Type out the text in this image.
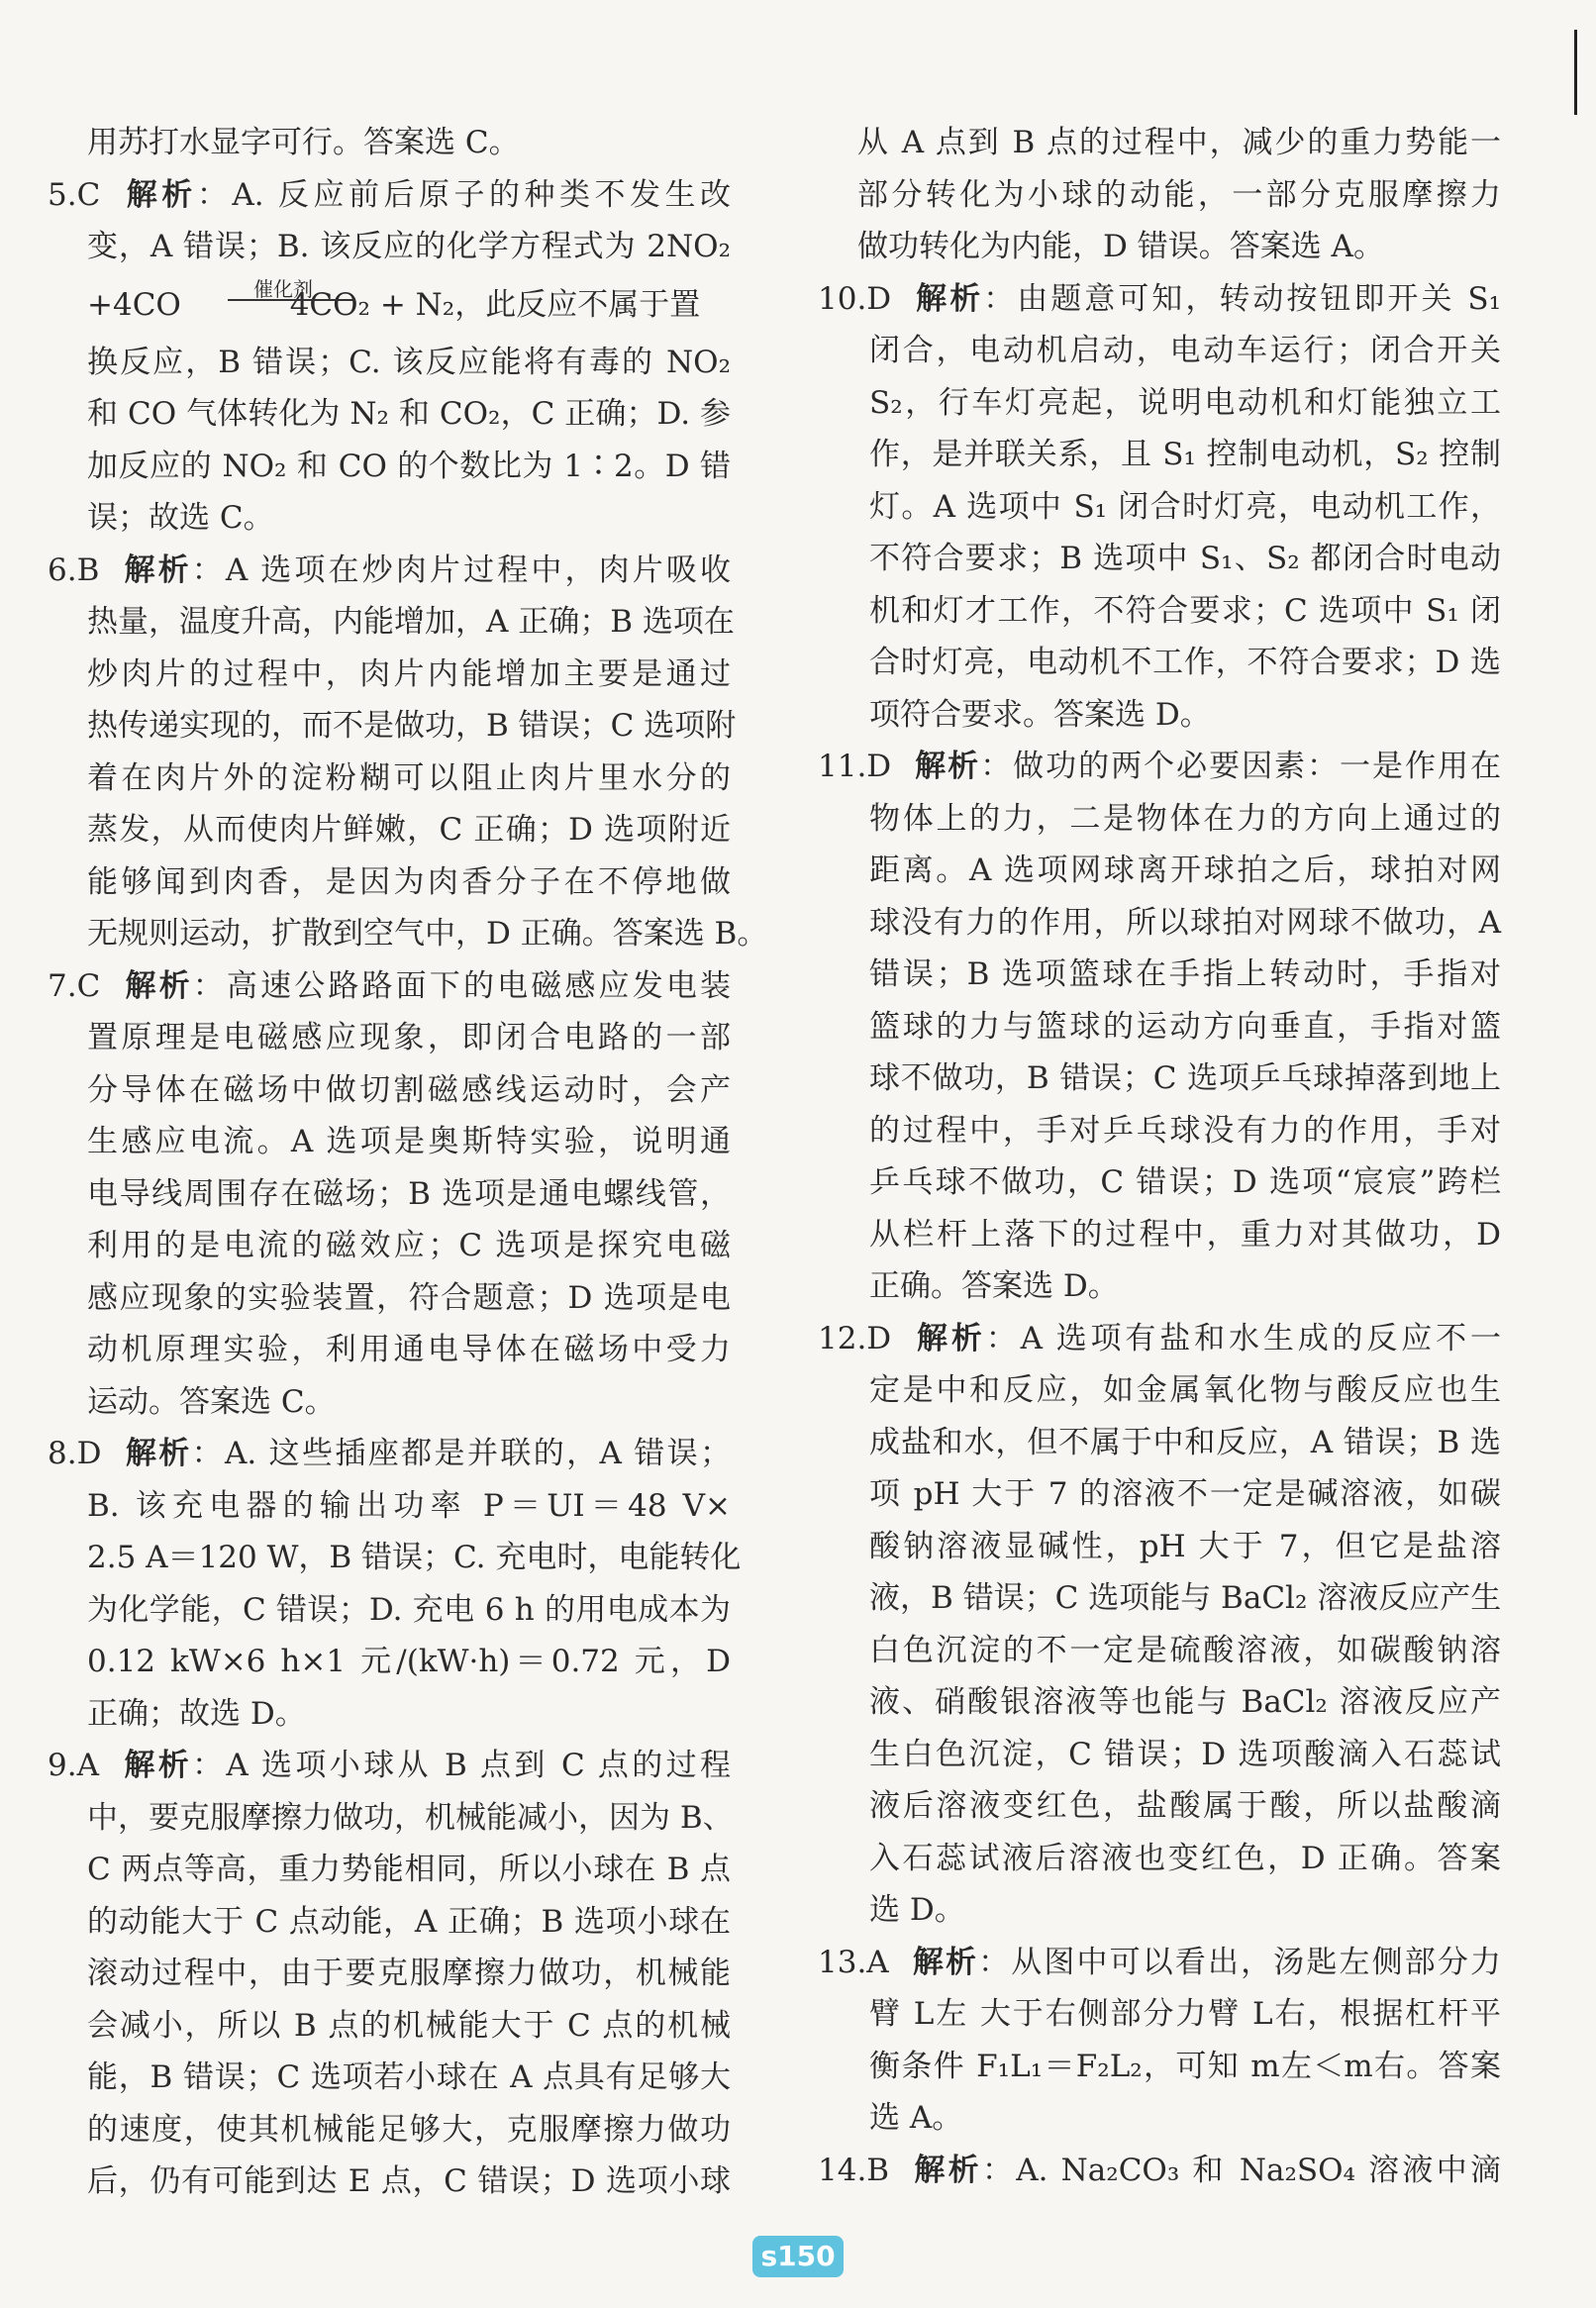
用苏打水显字可行。答案选 C。
5.C 解析：A. 反应前后原子的种类不发生改
变，A 错误；B. 该反应的化学方程式为 2NO₂
+4CO	催化剂
4CO₂ + N₂，此反应不属于置
换反应，B 错误；C. 该反应能将有毒的 NO₂
和 CO 气体转化为 N₂ 和 CO₂，C 正确；D. 参
加反应的 NO₂ 和 CO 的个数比为 1∶2。D 错
误；故选 C。
6.B 解析：A 选项在炒肉片过程中，肉片吸收
热量，温度升高，内能增加，A 正确；B 选项在
炒肉片的过程中，肉片内能增加主要是通过
热传递实现的，而不是做功，B 错误；C 选项附
着在肉片外的淀粉糊可以阻止肉片里水分的
蒸发，从而使肉片鲜嫩，C 正确；D 选项附近
能够闻到肉香，是因为肉香分子在不停地做
无规则运动，扩散到空气中，D 正确。答案选 B。
7.C 解析：高速公路路面下的电磁感应发电装
置原理是电磁感应现象，即闭合电路的一部
分导体在磁场中做切割磁感线运动时，会产
生感应电流。A 选项是奥斯特实验，说明通
电导线周围存在磁场；B 选项是通电螺线管，
利用的是电流的磁效应；C 选项是探究电磁
感应现象的实验装置，符合题意；D 选项是电
动机原理实验，利用通电导体在磁场中受力
运动。答案选 C。
8.D 解析：A. 这些插座都是并联的，A 错误；
B. 该充电器的输出功率 P＝UI＝48 V×
2.5 A＝120 W，B 错误；C. 充电时，电能转化
为化学能，C 错误；D. 充电 6 h 的用电成本为
0.12 kW×6 h×1 元/(kW·h)＝0.72 元，D
正确；故选 D。
9.A 解析：A 选项小球从 B 点到 C 点的过程
中，要克服摩擦力做功，机械能减小，因为 B、
C 两点等高，重力势能相同，所以小球在 B 点
的动能大于 C 点动能，A 正确；B 选项小球在
滚动过程中，由于要克服摩擦力做功，机械能
会减小，所以 B 点的机械能大于 C 点的机械
能，B 错误；C 选项若小球在 A 点具有足够大
的速度，使其机械能足够大，克服摩擦力做功
后，仍有可能到达 E 点，C 错误；D 选项小球
从 A 点到 B 点的过程中，减少的重力势能一
部分转化为小球的动能，一部分克服摩擦力
做功转化为内能，D 错误。答案选 A。
10.D 解析：由题意可知，转动按钮即开关 S₁
闭合，电动机启动，电动车运行；闭合开关
S₂，行车灯亮起，说明电动机和灯能独立工
作，是并联关系，且 S₁ 控制电动机，S₂ 控制
灯。A 选项中 S₁ 闭合时灯亮，电动机工作，
不符合要求；B 选项中 S₁、S₂ 都闭合时电动
机和灯才工作，不符合要求；C 选项中 S₁ 闭
合时灯亮，电动机不工作，不符合要求；D 选
项符合要求。答案选 D。
11.D 解析：做功的两个必要因素：一是作用在
物体上的力，二是物体在力的方向上通过的
距离。A 选项网球离开球拍之后，球拍对网
球没有力的作用，所以球拍对网球不做功，A
错误；B 选项篮球在手指上转动时，手指对
篮球的力与篮球的运动方向垂直，手指对篮
球不做功，B 错误；C 选项乒乓球掉落到地上
的过程中，手对乒乓球没有力的作用，手对
乒乓球不做功，C 错误；D 选项“宸宸”跨栏
从栏杆上落下的过程中，重力对其做功，D
正确。答案选 D。
12.D 解析：A 选项有盐和水生成的反应不一
定是中和反应，如金属氧化物与酸反应也生
成盐和水，但不属于中和反应，A 错误；B 选
项 pH 大于 7 的溶液不一定是碱溶液，如碳
酸钠溶液显碱性，pH 大于 7，但它是盐溶
液，B 错误；C 选项能与 BaCl₂ 溶液反应产生
白色沉淀的不一定是硫酸溶液，如碳酸钠溶
液、硝酸银溶液等也能与 BaCl₂ 溶液反应产
生白色沉淀，C 错误；D 选项酸滴入石蕊试
液后溶液变红色，盐酸属于酸，所以盐酸滴
入石蕊试液后溶液也变红色，D 正确。答案
选 D。
13.A 解析：从图中可以看出，汤匙左侧部分力
臂 L左 大于右侧部分力臂 L右，根据杠杆平
衡条件 F₁L₁＝F₂L₂，可知 m左＜m右。答案
选 A。
14.B 解析：A. Na₂CO₃ 和 Na₂SO₄ 溶液中滴
s150
